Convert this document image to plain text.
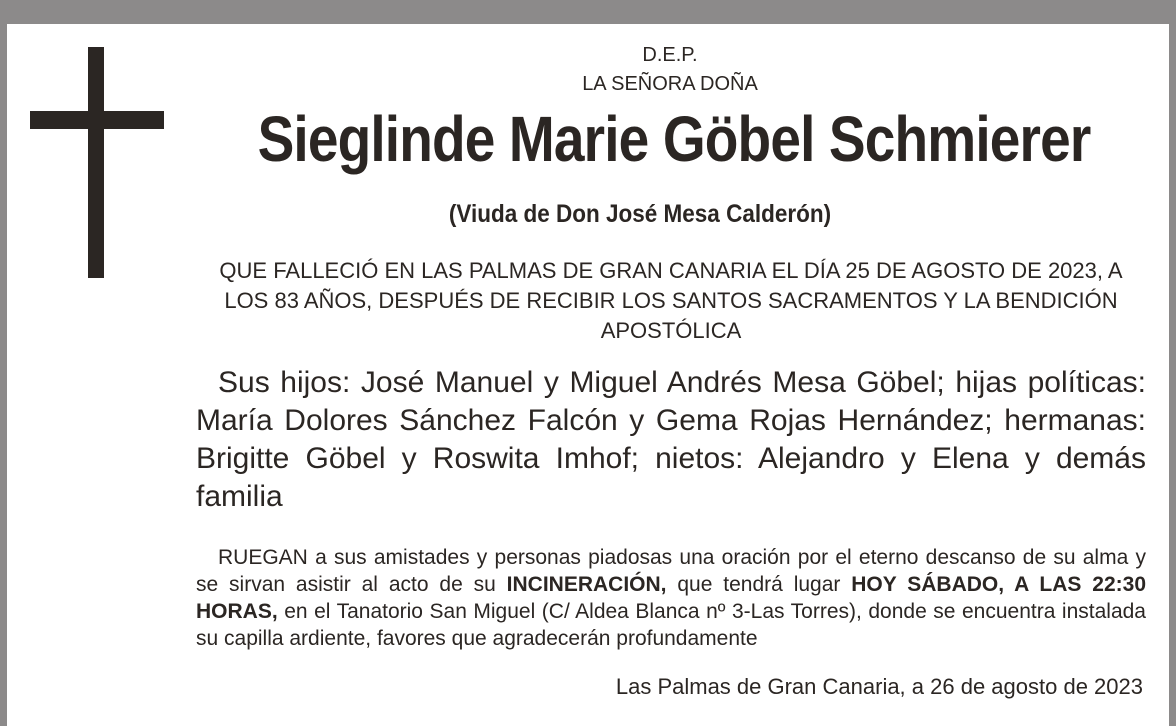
D.E.P.
LA SEÑORA DOÑA
Sieglinde Marie Göbel Schmierer
(Viuda de Don José Mesa Calderón)
QUE FALLECIÓ EN LAS PALMAS DE GRAN CANARIA EL DÍA 25 DE AGOSTO DE 2023, A LOS 83 AÑOS, DESPUÉS DE RECIBIR LOS SANTOS SACRAMENTOS Y LA BENDICIÓN APOSTÓLICA
Sus hijos: José Manuel y Miguel Andrés Mesa Göbel; hijas políticas: María Dolores Sánchez Falcón y Gema Rojas Hernández; hermanas: Brigitte Göbel y Roswita Imhof; nietos: Alejandro y Elena y demás familia
RUEGAN a sus amistades y personas piadosas una oración por el eterno descanso de su alma y se sirvan asistir al acto de su INCINERACIÓN, que tendrá lugar HOY SÁBADO, A LAS 22:30 HORAS, en el Tanatorio San Miguel (C/ Aldea Blanca nº 3-Las Torres), donde se encuentra instalada su capilla ardiente, favores que agradecerán profundamente
Las Palmas de Gran Canaria, a 26 de agosto de 2023
